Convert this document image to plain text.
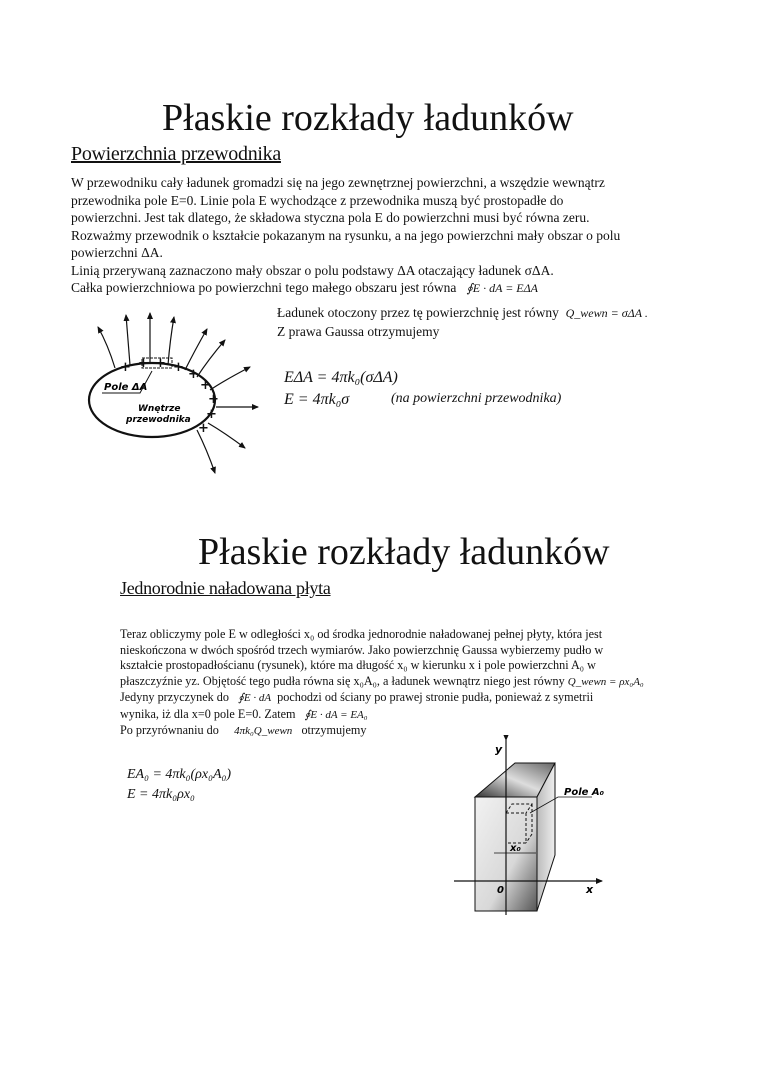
Płaskie rozkłady ładunków
Powierzchnia przewodnika
W przewodniku cały ładunek gromadzi się na jego zewnętrznej powierzchni, a wszędzie wewnątrz
przewodnika pole E=0. Linie pola E wychodzące z przewodnika muszą być prostopadłe do
powierzchni. Jest tak dlatego, że składowa styczna pola E do powierzchni musi być równa zeru.
Rozważmy przewodnik o kształcie pokazanym na rysunku, a na jego powierzchni mały obszar o polu
powierzchni ΔA.
Linią przerywaną zaznaczono mały obszar o polu podstawy ΔA otaczający ładunek σΔA.
Całka powierzchniowa po powierzchni tego małego obszaru jest równa ∮E · dA = EΔA
+ + + + +
+
+
+
+
Pole ΔA
Wnętrze
przewodnika
Ładunek otoczony przez tę powierzchnię jest równy Q_wewn = σΔA .
Z prawa Gaussa otrzymujemy
EΔA = 4πk₀(σΔA)
E = 4πk₀σ	(na powierzchni przewodnika)
Płaskie rozkłady ładunków
Jednorodnie naładowana płyta
Teraz obliczymy pole E w odległości x₀ od środka jednorodnie naładowanej pełnej płyty, która jest
nieskończona w dwóch spośród trzech wymiarów. Jako powierzchnię Gaussa wybierzemy pudło w
kształcie prostopadłościanu (rysunek), które ma długość x₀ w kierunku x i pole powierzchni A₀ w
płaszczyźnie yz. Objętość tego pudła równa się x₀A₀, a ładunek wewnątrz niego jest równy Q_wewn = ρx₀A₀
Jedyny przyczynek do ∮E · dA pochodzi od ściany po prawej stronie pudła, ponieważ z symetrii
wynika, iż dla x=0 pole E=0. Zatem ∮E · dA = EA₀
Po przyrównaniu do 4πk₀Q_wewn otrzymujemy
EA₀ = 4πk₀(ρx₀A₀)
E = 4πk₀ρx₀
y
x
0
Pole A₀
x₀
